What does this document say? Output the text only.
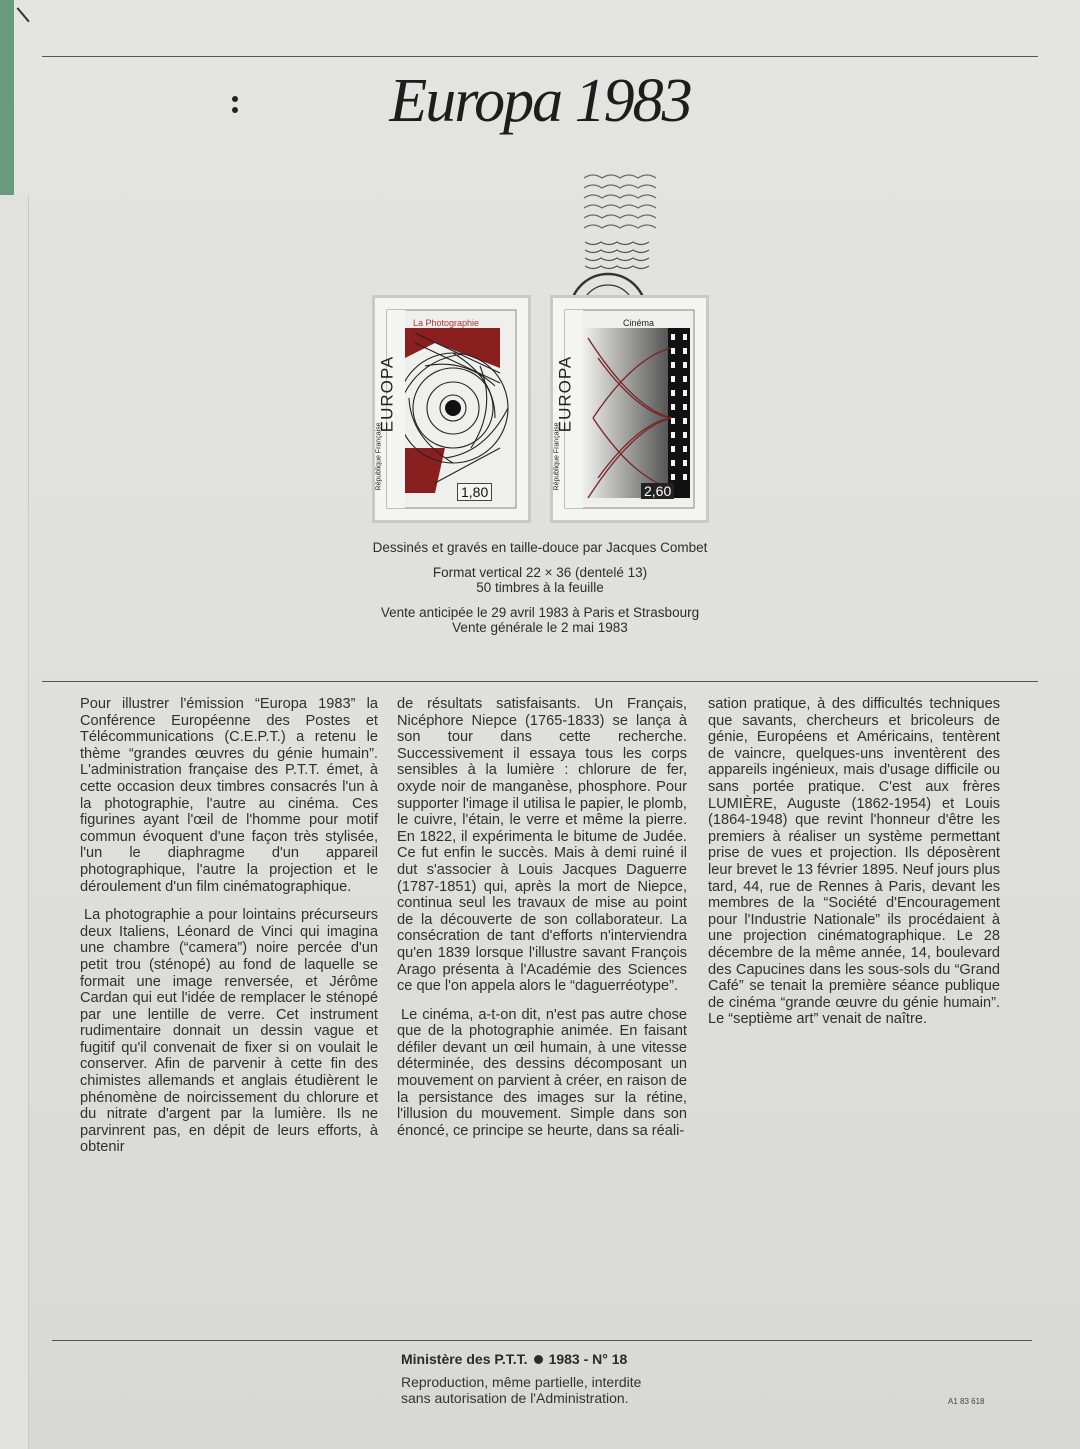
Europa 1983
La Photographie
EUROPA
République Française
1,80
Cinéma
EUROPA
République Française
2,60

Dessinés et gravés en taille-douce par Jacques Combet

Format vertical 22 × 36 (dentelé 13)

50 timbres à la feuille

Vente anticipée le 29 avril 1983 à Paris et Strasbourg

Vente générale le 2 mai 1983

Pour illustrer l'émission “Europa 1983” la Conférence Européenne des Postes et Télécommunications (C.E.P.T.) a retenu le thème “grandes œuvres du génie humain”. L'administration française des P.T.T. émet, à cette occasion deux timbres consacrés l'un à la photographie, l'autre au cinéma. Ces figurines ayant l'œil de l'homme pour motif commun évoquent d'une façon très stylisée, l'un le diaphragme d'un appareil photographique, l'autre la projection et le déroulement d'un film cinématographique.

La photographie a pour lointains précurseurs deux Italiens, Léonard de Vinci qui imagina une chambre (“camera”) noire percée d'un petit trou (sténopé) au fond de laquelle se formait une image renversée, et Jérôme Cardan qui eut l'idée de remplacer le sténopé par une lentille de verre. Cet instrument rudimentaire donnait un dessin vague et fugitif qu'il convenait de fixer si on voulait le conserver. Afin de parvenir à cette fin des chimistes allemands et anglais étudièrent le phénomène de noircissement du chlorure et du nitrate d'argent par la lumière. Ils ne parvinrent pas, en dépit de leurs efforts, à obtenir

de résultats satisfaisants. Un Français, Nicéphore Niepce (1765-1833) se lança à son tour dans cette recherche. Successivement il essaya tous les corps sensibles à la lumière : chlorure de fer, oxyde noir de manganèse, phosphore. Pour supporter l'image il utilisa le papier, le plomb, le cuivre, l'étain, le verre et même la pierre. En 1822, il expérimenta le bitume de Judée. Ce fut enfin le succès. Mais à demi ruiné il dut s'associer à Louis Jacques Daguerre (1787-1851) qui, après la mort de Niepce, continua seul les travaux de mise au point de la découverte de son collaborateur. La consécration de tant d'efforts n'interviendra qu'en 1839 lorsque l'illustre savant François Arago présenta à l'Académie des Sciences ce que l'on appela alors le “daguerréotype”.

Le cinéma, a-t-on dit, n'est pas autre chose que de la photographie animée. En faisant défiler devant un œil humain, à une vitesse déterminée, des dessins décomposant un mouvement on parvient à créer, en raison de la persistance des images sur la rétine, l'illusion du mouvement. Simple dans son énoncé, ce principe se heurte, dans sa réali-

sation pratique, à des difficultés techniques que savants, chercheurs et bricoleurs de génie, Européens et Américains, tentèrent de vaincre, quelques-uns inventèrent des appareils ingénieux, mais d'usage difficile ou sans portée pratique. C'est aux frères LUMIÈRE, Auguste (1862-1954) et Louis (1864-1948) que revint l'honneur d'être les premiers à réaliser un système permettant prise de vues et projection. Ils déposèrent leur brevet le 13 février 1895. Neuf jours plus tard, 44, rue de Rennes à Paris, devant les membres de la “Société d'Encouragement pour l'Industrie Nationale” ils procédaient à une projection cinématographique. Le 28 décembre de la même année, 14, boulevard des Capucines dans les sous-sols du “Grand Café” se tenait la première séance publique de cinéma “grande œuvre du génie humain”. Le “septième art” venait de naître.

Ministère des P.T.T. 1983 - N° 18
Reproduction, même partielle, interdite
sans autorisation de l'Administration.	A1 83 618
